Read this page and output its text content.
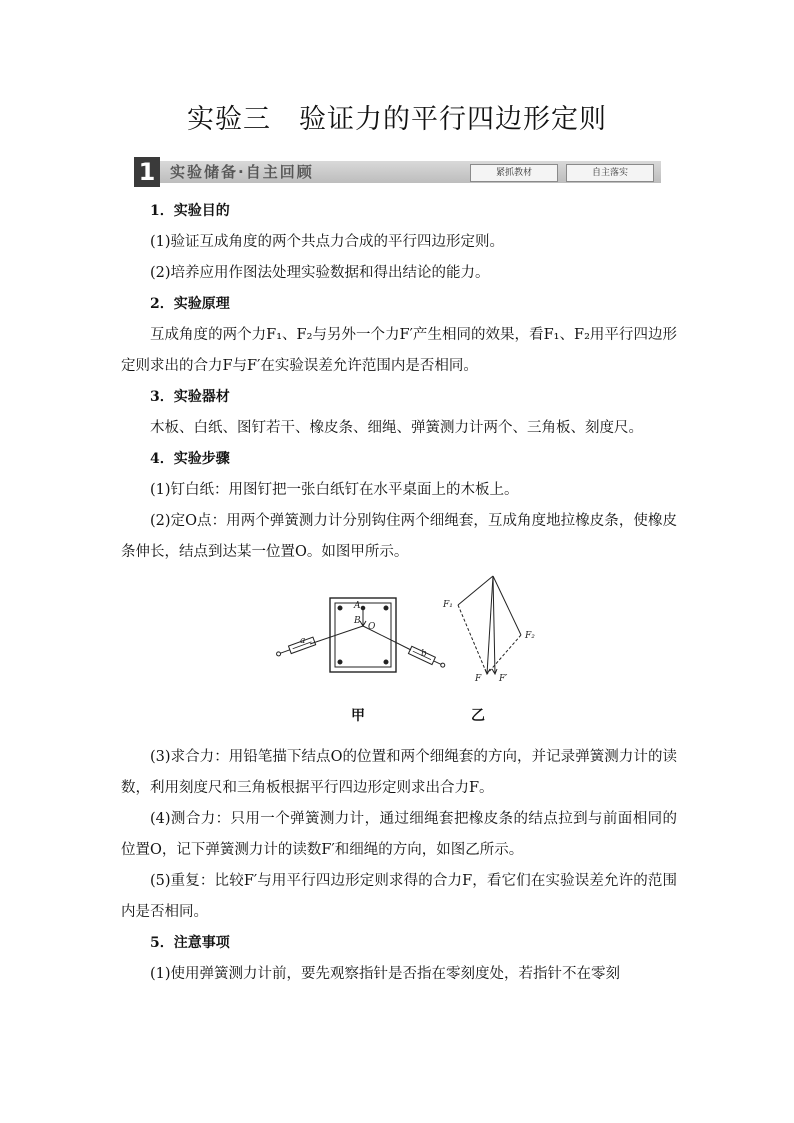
实验三　验证力的平行四边形定则
1 实验储备·自主回顾	紧抓教材	自主落实

1．实验目的

(1)验证互成角度的两个共点力合成的平行四边形定则。

(2)培养应用作图法处理实验数据和得出结论的能力。

2．实验原理

互成角度的两个力F₁、F₂与另外一个力F′产生相同的效果，看F₁、F₂用平行四边形定则求出的合力F与F′在实验误差允许范围内是否相同。

3．实验器材

木板、白纸、图钉若干、橡皮条、细绳、弹簧测力计两个、三角板、刻度尺。

4．实验步骤

(1)钉白纸：用图钉把一张白纸钉在水平桌面上的木板上。

(2)定O点：用两个弹簧测力计分别钩住两个细绳套，互成角度地拉橡皮条，使橡皮条伸长，结点到达某一位置O。如图甲所示。

A
B
O
a
b
F₁
F₂
F F′
甲	乙

(3)求合力：用铅笔描下结点O的位置和两个细绳套的方向，并记录弹簧测力计的读数，利用刻度尺和三角板根据平行四边形定则求出合力F。

(4)测合力：只用一个弹簧测力计，通过细绳套把橡皮条的结点拉到与前面相同的位置O，记下弹簧测力计的读数F′和细绳的方向，如图乙所示。

(5)重复：比较F′与用平行四边形定则求得的合力F，看它们在实验误差允许的范围内是否相同。

5．注意事项

(1)使用弹簧测力计前，要先观察指针是否指在零刻度处，若指针不在零刻
